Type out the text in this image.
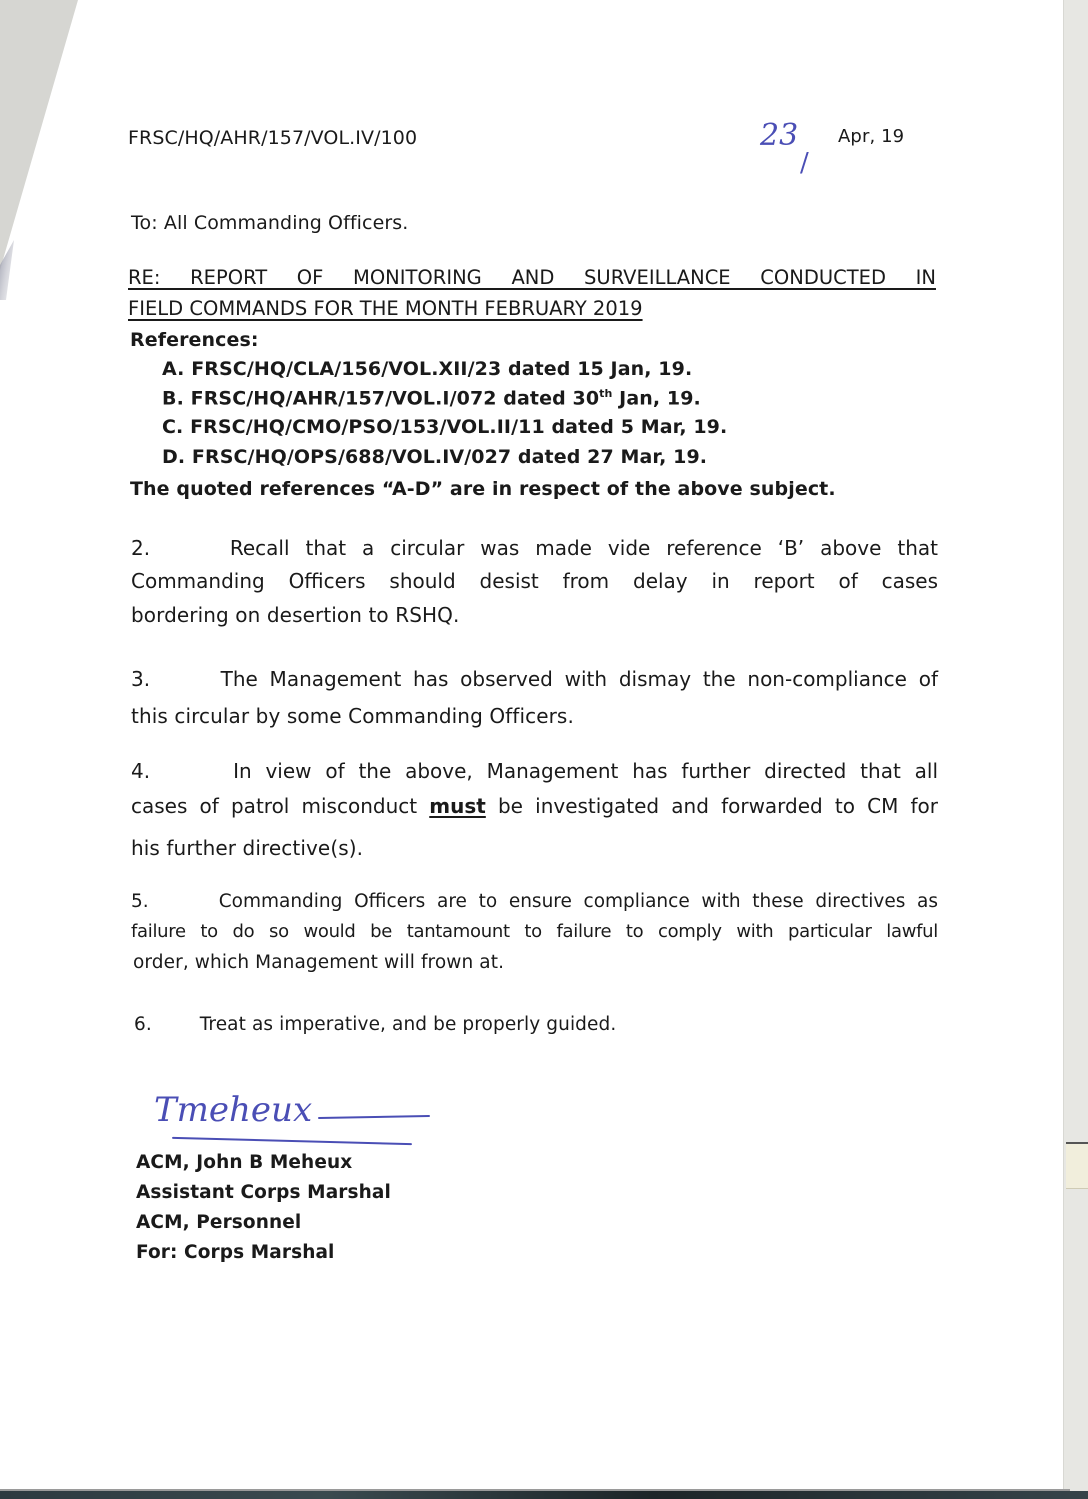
FRSC/HQ/AHR/157/VOL.IV/100	23
/
Apr, 19
To: All Commanding Officers.
RE: REPORT OF MONITORING AND SURVEILLANCE CONDUCTED IN
FIELD COMMANDS FOR THE MONTH FEBRUARY 2019
References:
A. FRSC/HQ/CLA/156/VOL.XII/23 dated 15 Jan, 19.
B. FRSC/HQ/AHR/157/VOL.I/072 dated 30th Jan, 19.
C. FRSC/HQ/CMO/PSO/153/VOL.II/11 dated 5 Mar, 19.
D. FRSC/HQ/OPS/688/VOL.IV/027 dated 27 Mar, 19.
The quoted references “A-D” are in respect of the above subject.
2.	Recall that a circular was made vide reference ‘B’ above that
Commanding Officers should desist from delay in report of cases
bordering on desertion to RSHQ.
3.	The Management has observed with dismay the non-compliance of
this circular by some Commanding Officers.
4.	In view of the above, Management has further directed that all
cases of patrol misconduct must be investigated and forwarded to CM for
his further directive(s).
5.	Commanding Officers are to ensure compliance with these directives as
failure to do so would be tantamount to failure to comply with particular lawful
order, which Management will frown at.
6.	Treat as imperative, and be properly guided.
Tmeheux
ACM, John B Meheux
Assistant Corps Marshal
ACM, Personnel
For: Corps Marshal
